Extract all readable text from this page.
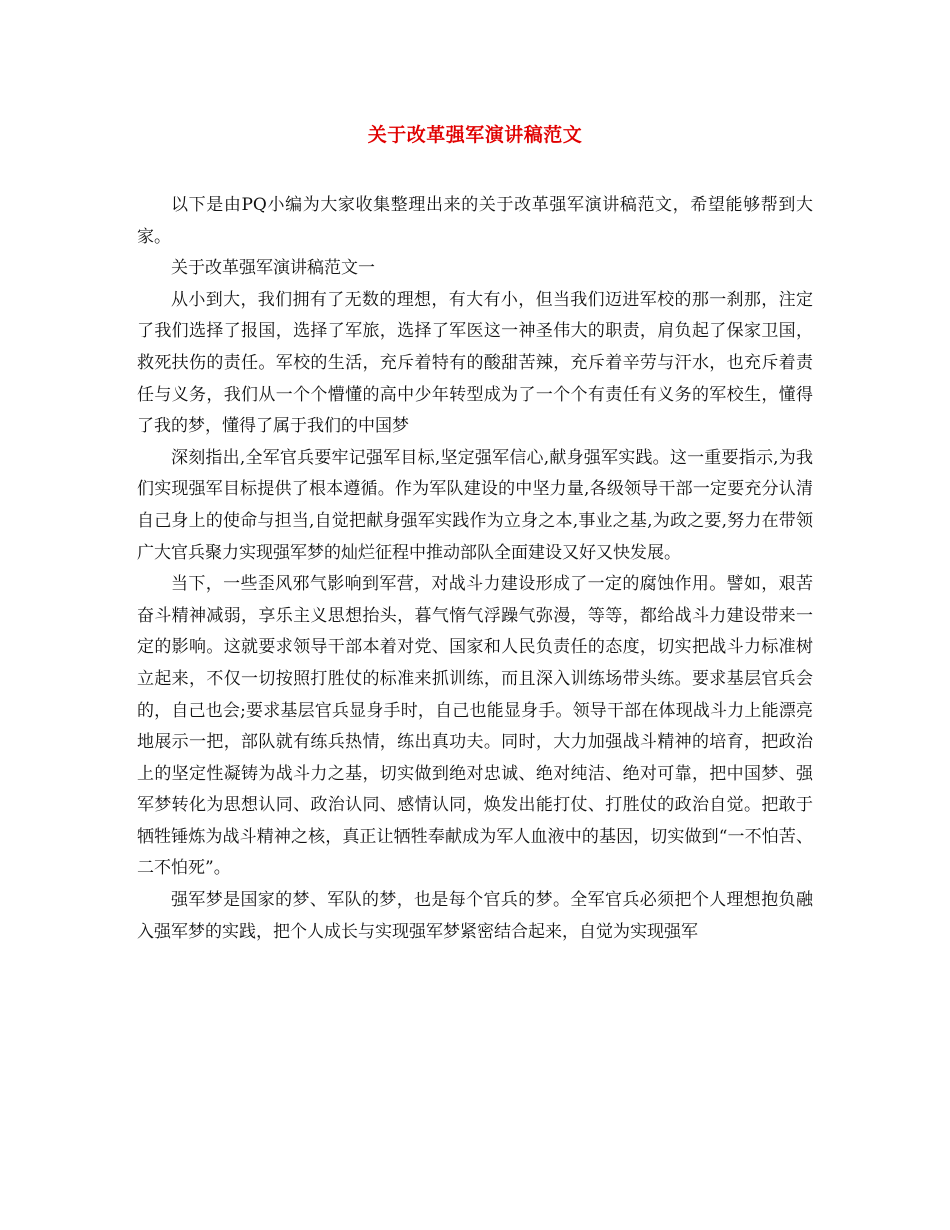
关于改革强军演讲稿范文

以下是由PQ小编为大家收集整理出来的关于改革强军演讲稿范文，希望能够帮到大家。

关于改革强军演讲稿范文一

从小到大，我们拥有了无数的理想，有大有小，但当我们迈进军校的那一刹那，注定了我们选择了报国，选择了军旅，选择了军医这一神圣伟大的职责，肩负起了保家卫国，救死扶伤的责任。军校的生活，充斥着特有的酸甜苦辣，充斥着辛劳与汗水，也充斥着责任与义务，我们从一个个懵懂的高中少年转型成为了一个个有责任有义务的军校生，懂得了我的梦，懂得了属于我们的中国梦

深刻指出,全军官兵要牢记强军目标,坚定强军信心,献身强军实践。这一重要指示,为我们实现强军目标提供了根本遵循。作为军队建设的中坚力量,各级领导干部一定要充分认清自己身上的使命与担当,自觉把献身强军实践作为立身之本,事业之基,为政之要,努力在带领广大官兵聚力实现强军梦的灿烂征程中推动部队全面建设又好又快发展。

当下，一些歪风邪气影响到军营，对战斗力建设形成了一定的腐蚀作用。譬如，艰苦奋斗精神减弱，享乐主义思想抬头，暮气惰气浮躁气弥漫，等等，都给战斗力建设带来一定的影响。这就要求领导干部本着对党、国家和人民负责任的态度，切实把战斗力标准树立起来，不仅一切按照打胜仗的标准来抓训练，而且深入训练场带头练。要求基层官兵会的，自己也会;要求基层官兵显身手时，自己也能显身手。领导干部在体现战斗力上能漂亮地展示一把，部队就有练兵热情，练出真功夫。同时，大力加强战斗精神的培育，把政治上的坚定性凝铸为战斗力之基，切实做到绝对忠诚、绝对纯洁、绝对可靠，把中国梦、强军梦转化为思想认同、政治认同、感情认同，焕发出能打仗、打胜仗的政治自觉。把敢于牺牲锤炼为战斗精神之核，真正让牺牲奉献成为军人血液中的基因，切实做到“一不怕苦、二不怕死”。

强军梦是国家的梦、军队的梦，也是每个官兵的梦。全军官兵必须把个人理想抱负融入强军梦的实践，把个人成长与实现强军梦紧密结合起来，自觉为实现强军
